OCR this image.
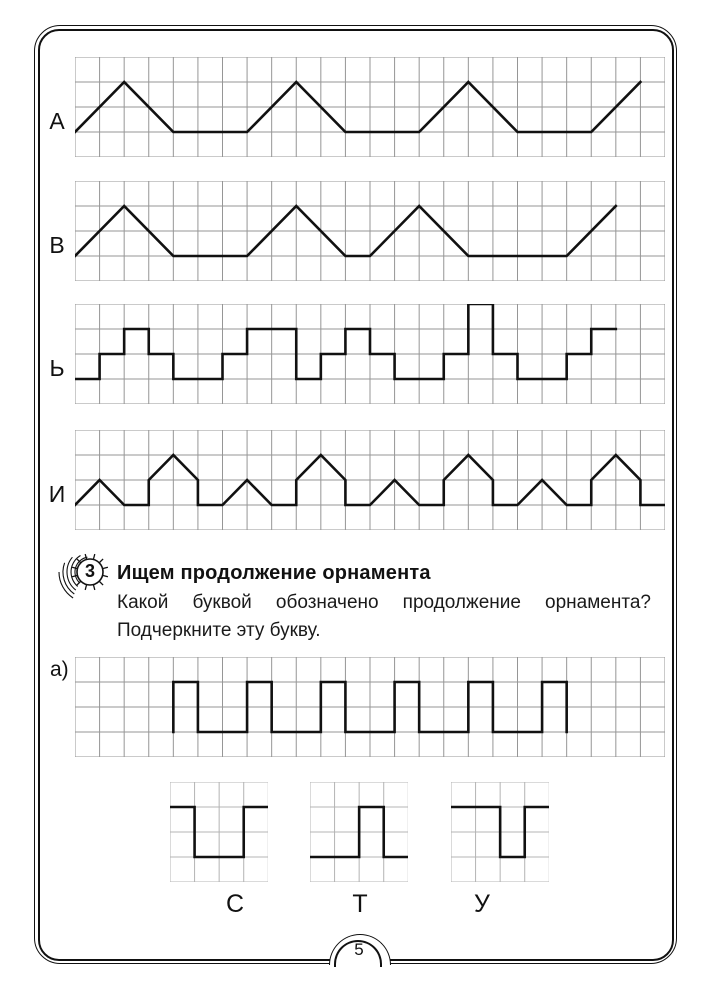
А
В
Ь
И
3	Ищем продолжение орнамента
Какой буквой обозначено продолжение орнамента?
Подчеркните эту букву.
а)
С	Т	У
5
